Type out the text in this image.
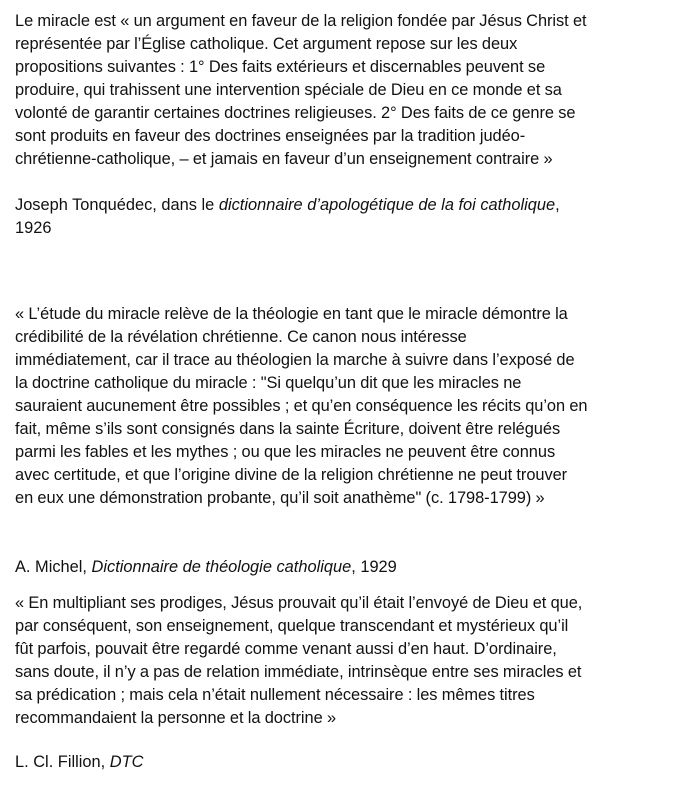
Le miracle est « un argument en faveur de la religion fondée par Jésus Christ et
représentée par l’Église catholique. Cet argument repose sur les deux
propositions suivantes : 1° Des faits extérieurs et discernables peuvent se
produire, qui trahissent une intervention spéciale de Dieu en ce monde et sa
volonté de garantir certaines doctrines religieuses. 2° Des faits de ce genre se
sont produits en faveur des doctrines enseignées par la tradition judéo-
chrétienne-catholique, – et jamais en faveur d’un enseignement contraire »

Joseph Tonquédec, dans le dictionnaire d’apologétique de la foi catholique,
1926

« L’étude du miracle relève de la théologie en tant que le miracle démontre la
crédibilité de la révélation chrétienne. Ce canon nous intéresse
immédiatement, car il trace au théologien la marche à suivre dans l’exposé de
la doctrine catholique du miracle : "Si quelqu’un dit que les miracles ne
sauraient aucunement être possibles ; et qu’en conséquence les récits qu’on en
fait, même s’ils sont consignés dans la sainte Écriture, doivent être relégués
parmi les fables et les mythes ; ou que les miracles ne peuvent être connus
avec certitude, et que l’origine divine de la religion chrétienne ne peut trouver
en eux une démonstration probante, qu’il soit anathème" (c. 1798-1799) »

A. Michel, Dictionnaire de théologie catholique, 1929

« En multipliant ses prodiges, Jésus prouvait qu’il était l’envoyé de Dieu et que,
par conséquent, son enseignement, quelque transcendant et mystérieux qu’il
fût parfois, pouvait être regardé comme venant aussi d’en haut. D’ordinaire,
sans doute, il n’y a pas de relation immédiate, intrinsèque entre ses miracles et
sa prédication ; mais cela n’était nullement nécessaire : les mêmes titres
recommandaient la personne et la doctrine »

L. Cl. Fillion, DTC
